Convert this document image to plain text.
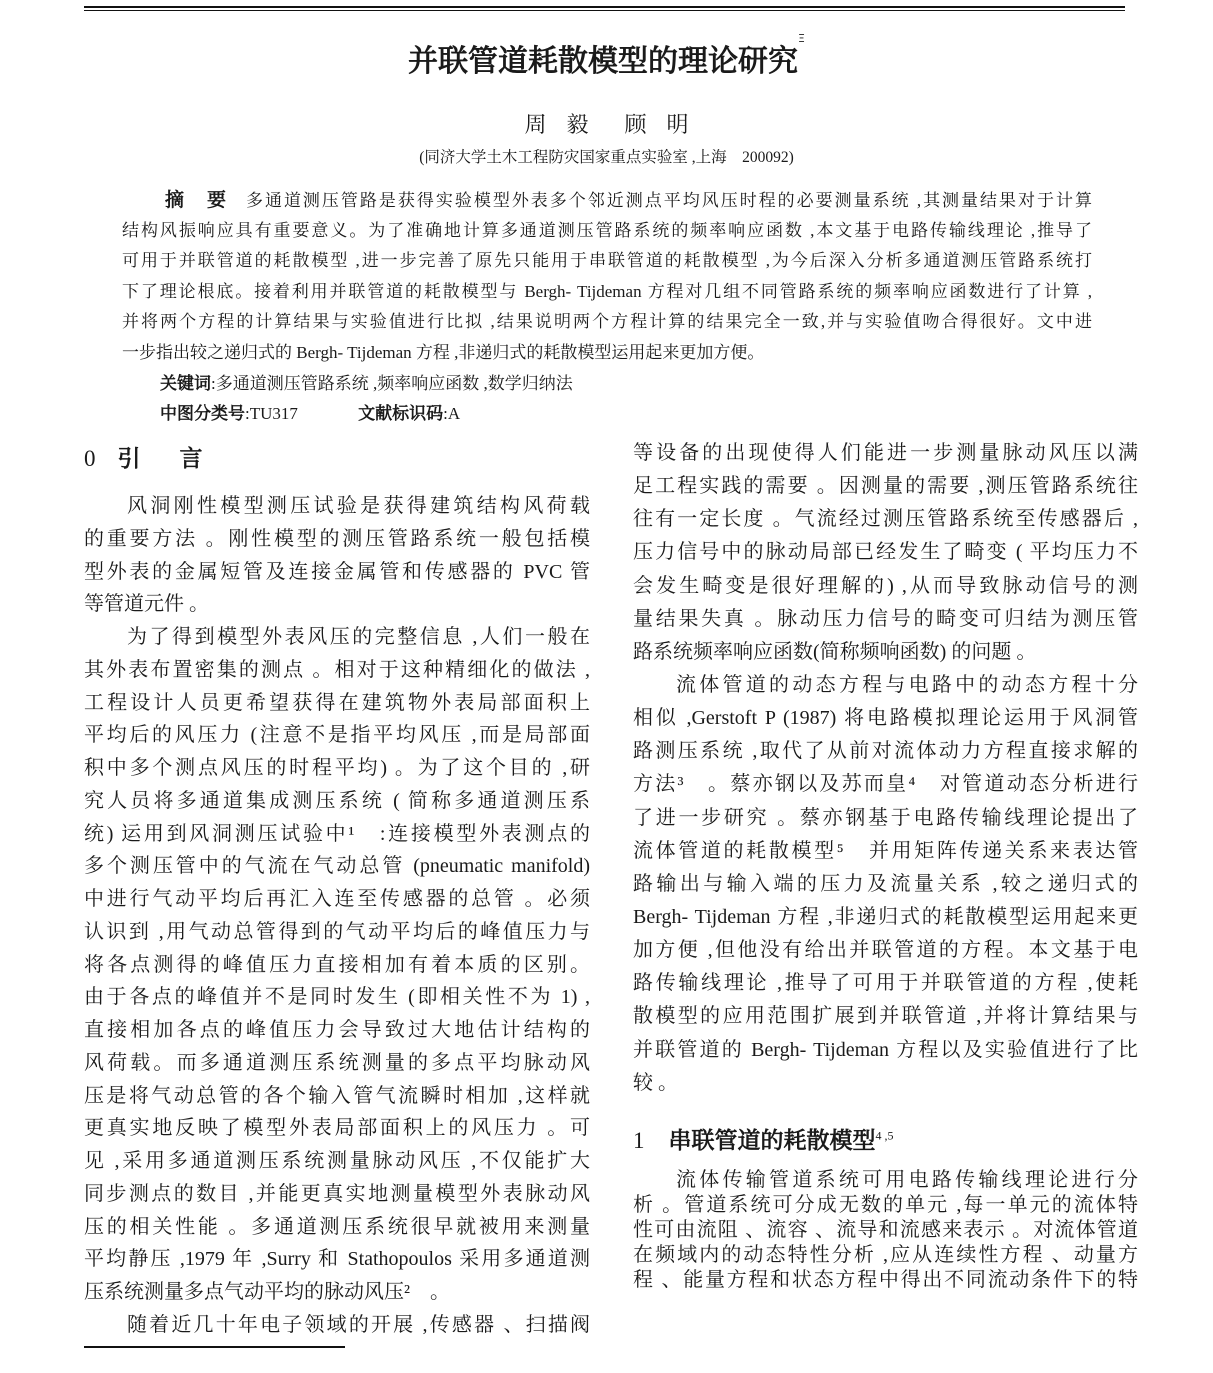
并联管道耗散模型的理论研究$^\Xi$
周 毅 顾 明
(同济大学土木工程防灾国家重点实验室 ,上海　200092)
摘　要 多通道测压管路是获得实验模型外表多个邻近测点平均风压时程的必要测量系统 ,其测量结果对于计算
结构风振响应具有重要意义。为了准确地计算多通道测压管路系统的频率响应函数 ,本文基于电路传输线理论 ,推导了
可用于并联管道的耗散模型 ,进一步完善了原先只能用于串联管道的耗散模型 ,为今后深入分析多通道测压管路系统打
下了理论根底。接着利用并联管道的耗散模型与 Bergh- Tijdeman 方程对几组不同管路系统的频率响应函数进行了计算 ,
并将两个方程的计算结果与实验值进行比拟 ,结果说明两个方程计算的结果完全一致,并与实验值吻合得很好。文中进
一步指出较之递归式的 Bergh- Tijdeman 方程 ,非递归式的耗散模型运用起来更加方便。
关键词:多通道测压管路系统 ,频率响应函数 ,数学归纳法
中图分类号:TU317	文献标识码:A
0 引　言
风洞刚性模型测压试验是获得建筑结构风荷载
的重要方法 。刚性模型的测压管路系统一般包括模
型外表的金属短管及连接金属管和传感器的 PVC 管
等管道元件 。
为了得到模型外表风压的完整信息 ,人们一般在
其外表布置密集的测点 。相对于这种精细化的做法 ,
工程设计人员更希望获得在建筑物外表局部面积上
平均后的风压力 (注意不是指平均风压 ,而是局部面
积中多个测点风压的时程平均) 。为了这个目的 ,研
究人员将多通道集成测压系统 ( 简称多通道测压系
统) 运用到风洞测压试验中¹　:连接模型外表测点的
多个测压管中的气流在气动总管 (pneumatic manifold)
中进行气动平均后再汇入连至传感器的总管 。必须
认识到 ,用气动总管得到的气动平均后的峰值压力与
将各点测得的峰值压力直接相加有着本质的区别。
由于各点的峰值并不是同时发生 (即相关性不为 1) ,
直接相加各点的峰值压力会导致过大地估计结构的
风荷载。而多通道测压系统测量的多点平均脉动风
压是将气动总管的各个输入管气流瞬时相加 ,这样就
更真实地反映了模型外表局部面积上的风压力 。可
见 ,采用多通道测压系统测量脉动风压 ,不仅能扩大
同步测点的数目 ,并能更真实地测量模型外表脉动风
压的相关性能 。多通道测压系统很早就被用来测量
平均静压 ,1979 年 ,Surry 和 Stathopoulos 采用多通道测
压系统测量多点气动平均的脉动风压²　。
随着近几十年电子领域的开展 ,传感器 、扫描阀
等设备的出现使得人们能进一步测量脉动风压以满
足工程实践的需要 。因测量的需要 ,测压管路系统往
往有一定长度 。气流经过测压管路系统至传感器后 ,
压力信号中的脉动局部已经发生了畸变 ( 平均压力不
会发生畸变是很好理解的) ,从而导致脉动信号的测
量结果失真 。脉动压力信号的畸变可归结为测压管
路系统频率响应函数(简称频响函数) 的问题 。
流体管道的动态方程与电路中的动态方程十分
相似 ,Gerstoft P (1987) 将电路模拟理论运用于风洞管
路测压系统 ,取代了从前对流体动力方程直接求解的
方法³　。蔡亦钢以及苏而皇⁴　对管道动态分析进行
了进一步研究 。蔡亦钢基于电路传输线理论提出了
流体管道的耗散模型⁵　并用矩阵传递关系来表达管
路输出与输入端的压力及流量关系 ,较之递归式的
Bergh- Tijdeman 方程 ,非递归式的耗散模型运用起来更
加方便 ,但他没有给出并联管道的方程。本文基于电
路传输线理论 ,推导了可用于并联管道的方程 ,使耗
散模型的应用范围扩展到并联管道 ,并将计算结果与
并联管道的 Bergh- Tijdeman 方程以及实验值进行了比
较 。
1 串联管道的耗散模型$^{4 ,5}$
流体传输管道系统可用电路传输线理论进行分
析 。管道系统可分成无数的单元 ,每一单元的流体特
性可由流阻 、流容 、流导和流感来表示 。对流体管道
在频域内的动态特性分析 ,应从连续性方程 、动量方
程 、能量方程和状态方程中得出不同流动条件下的特
